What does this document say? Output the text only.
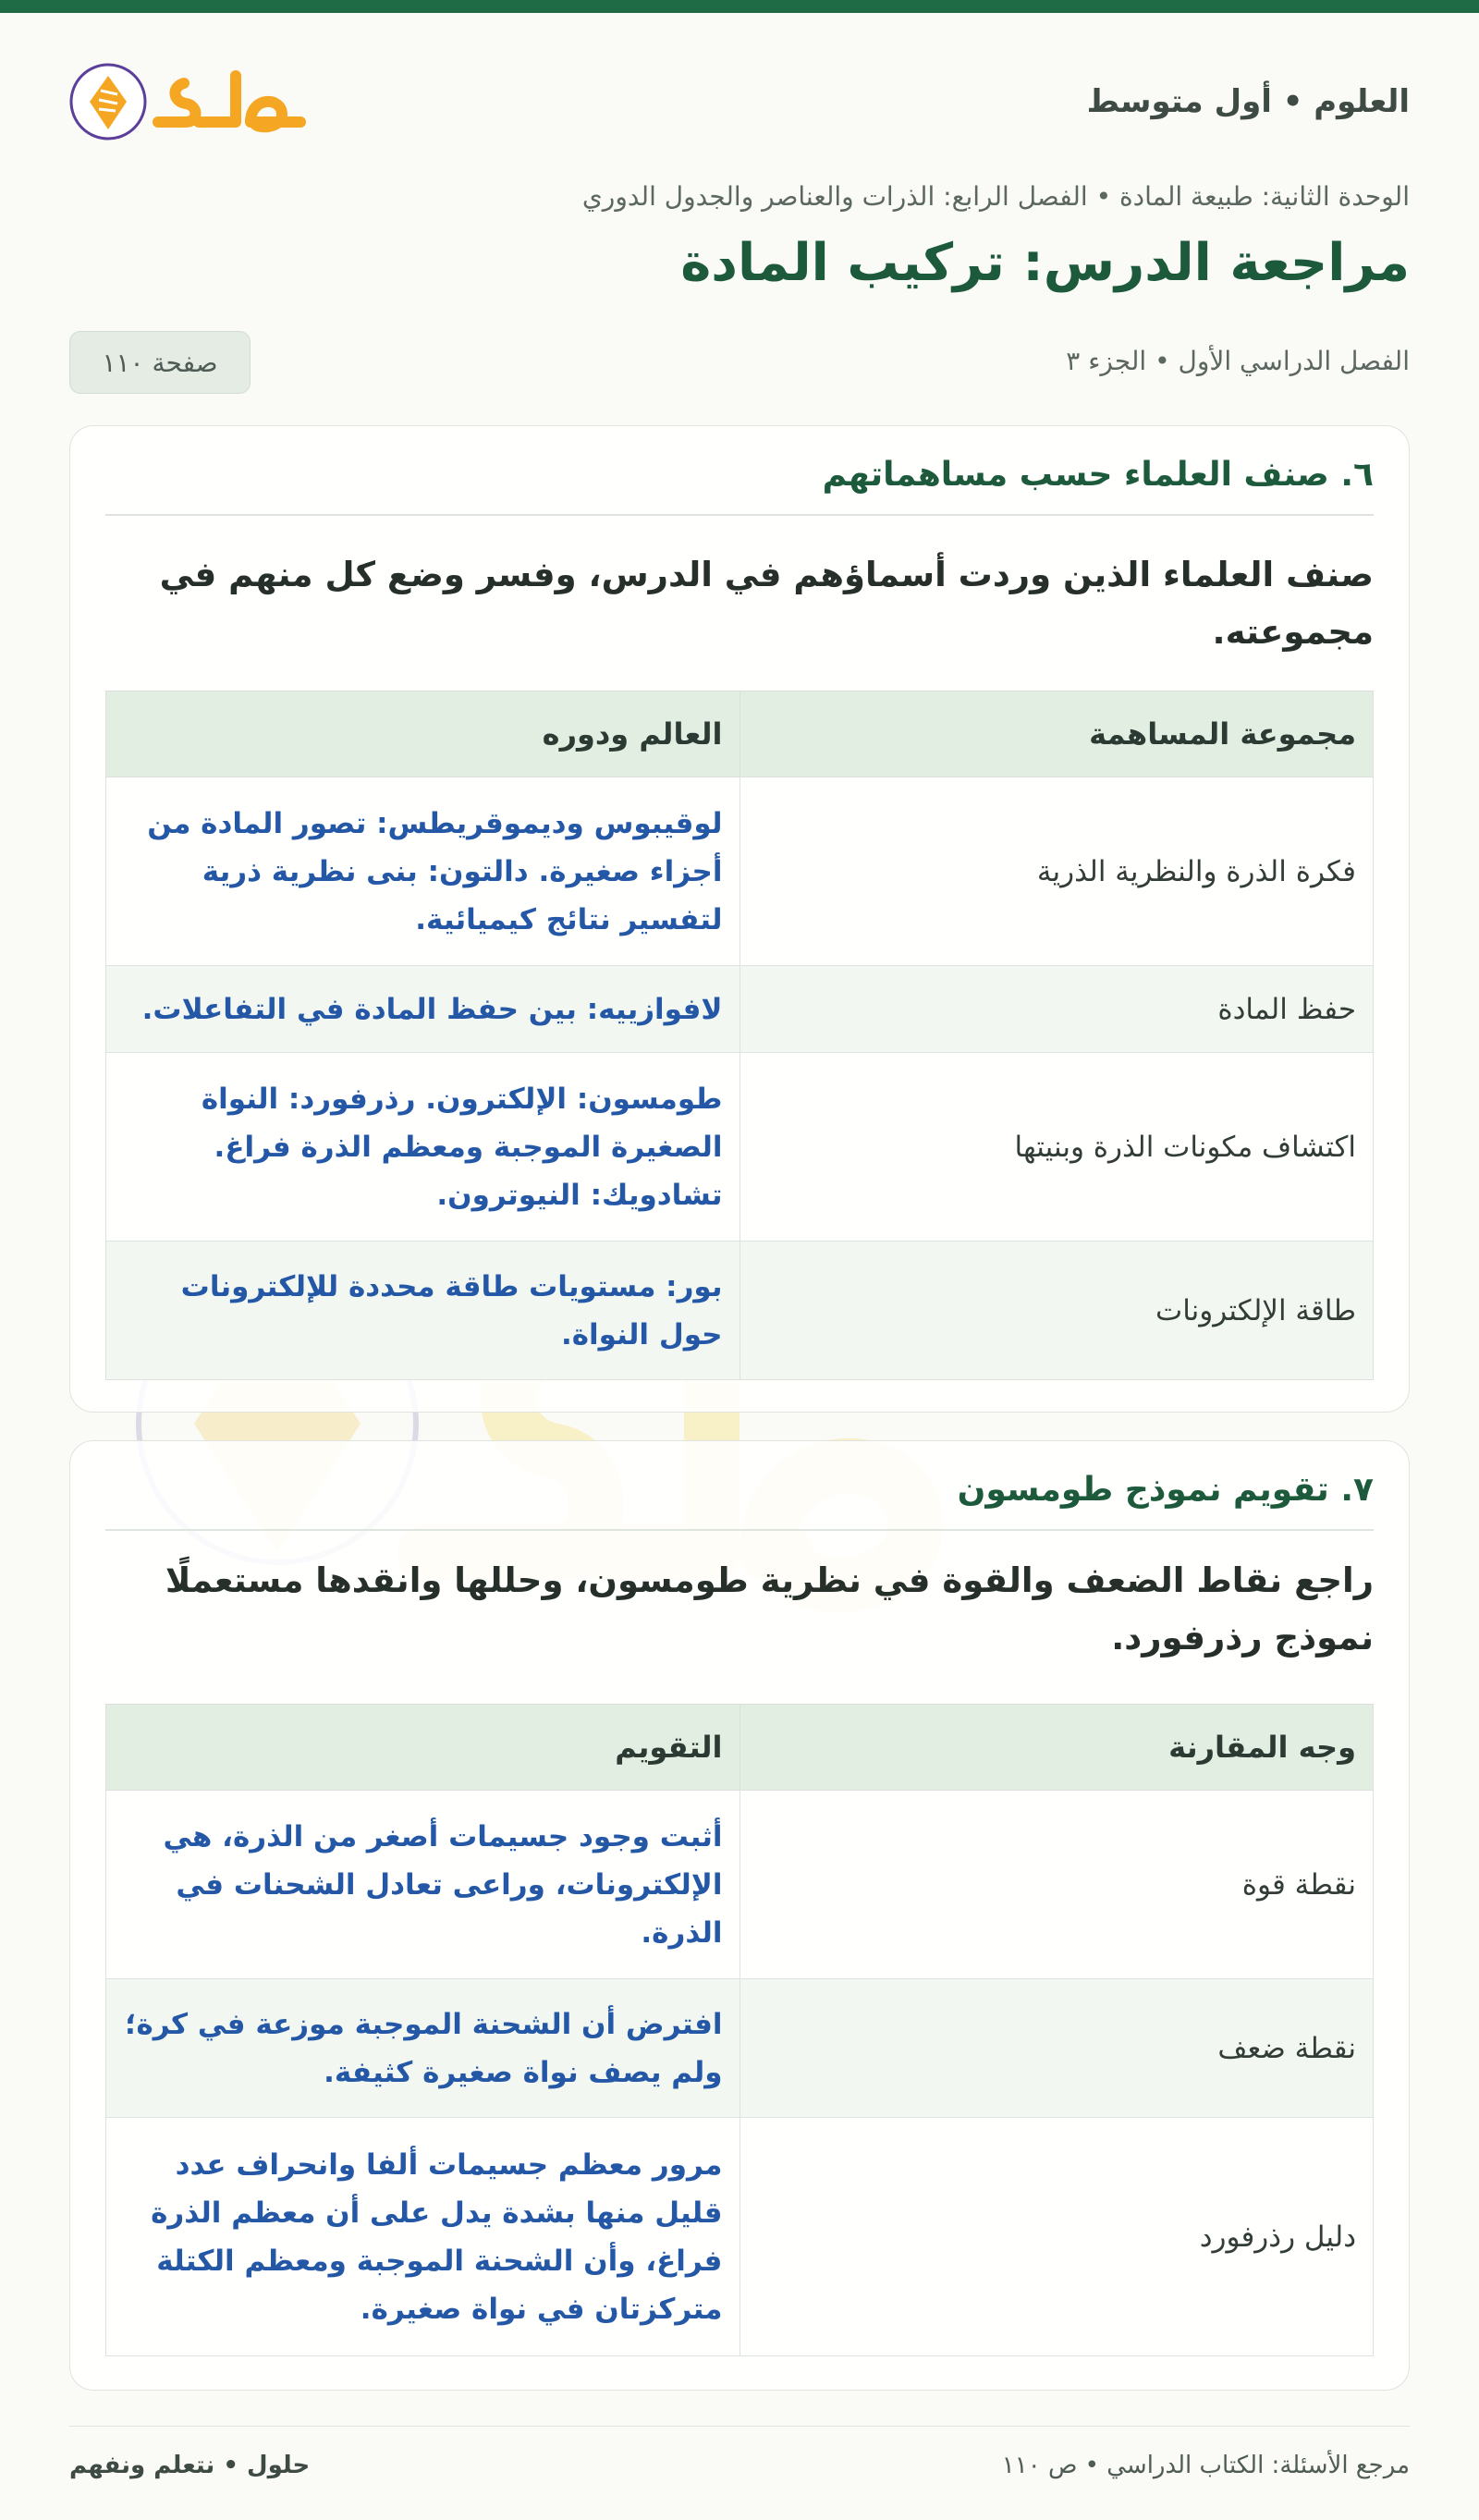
العلوم • أول متوسط
الوحدة الثانية: طبيعة المادة • الفصل الرابع: الذرات والعناصر والجدول الدوري
مراجعة الدرس: تركيب المادة
الفصل الدراسي الأول • الجزء ٣
صفحة ١١٠
٦. صنف العلماء حسب مساهماتهم
صنف العلماء الذين وردت أسماؤهم في الدرس، وفسر وضع كل منهم في مجموعته.
مجموعة المساهمة	العالم ودوره
فكرة الذرة والنظرية الذرية	لوقيبوس وديموقريطس: تصور المادة من أجزاء صغيرة. دالتون: بنى نظرية ذرية لتفسير نتائج كيميائية.
حفظ المادة	لافوازييه: بين حفظ المادة في التفاعلات.
اكتشاف مكونات الذرة وبنيتها	طومسون: الإلكترون. رذرفورد: النواة الصغيرة الموجبة ومعظم الذرة فراغ. تشادويك: النيوترون.
طاقة الإلكترونات	بور: مستويات طاقة محددة للإلكترونات حول النواة.
٧. تقويم نموذج طومسون
راجع نقاط الضعف والقوة في نظرية طومسون، وحللها وانقدها مستعملًا نموذج رذرفورد.
وجه المقارنة	التقويم
نقطة قوة	أثبت وجود جسيمات أصغر من الذرة، هي الإلكترونات، وراعى تعادل الشحنات في الذرة.
نقطة ضعف	افترض أن الشحنة الموجبة موزعة في كرة؛ ولم يصف نواة صغيرة كثيفة.
دليل رذرفورد	مرور معظم جسيمات ألفا وانحراف عدد قليل منها بشدة يدل على أن معظم الذرة فراغ، وأن الشحنة الموجبة ومعظم الكتلة متركزتان في نواة صغيرة.
مرجع الأسئلة: الكتاب الدراسي • ص ١١٠
حلول • نتعلم ونفهم
